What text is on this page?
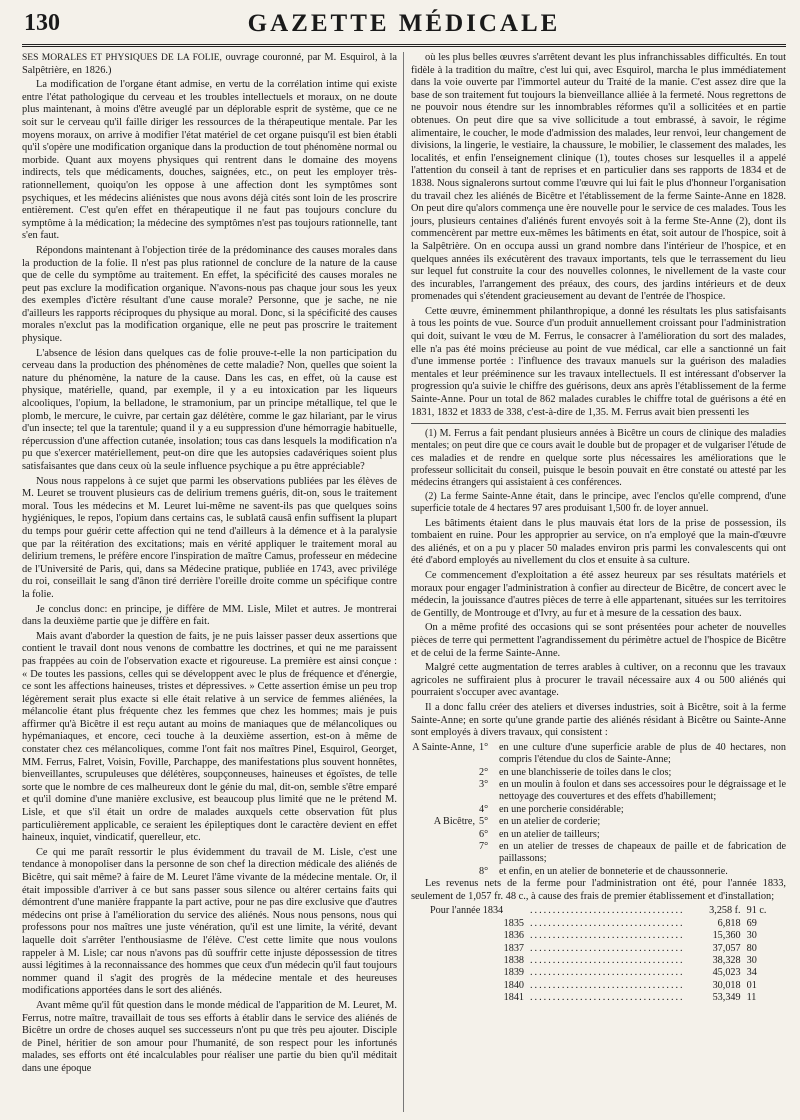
130	GAZETTE MÉDICALE

SES MORALES ET PHYSIQUES DE LA FOLIE, ouvrage couronné, par M. Esquirol, à la Salpêtrière, en 1826.)

La modification de l'organe étant admise, en vertu de la corrélation intime qui existe entre l'état pathologique du cerveau et les troubles intellectuels et moraux, on ne doute plus maintenant, à moins d'être aveuglé par un déplorable esprit de système, que ce ne soit sur le cerveau qu'il faille diriger les ressources de la thérapeutique mentale. Par les moyens moraux, on arrive à modifier l'état matériel de cet organe puisqu'il est bien établi qu'il s'opère une modification organique dans la production de tout phénomène normal ou morbide. Quant aux moyens physiques qui rentrent dans le domaine des moyens indirects, tels que médicaments, douches, saignées, etc., on peut les employer très-rationnellement, quoiqu'on les oppose à une affection dont les symptômes sont psychiques, et les médecins aliénistes que nous avons déjà cités sont loin de les proscrire entièrement. C'est qu'en effet en thérapeutique il ne faut pas toujours conclure du symptôme à la médication; la médecine des symptômes n'est pas toujours rationnelle, tant s'en faut.

Répondons maintenant à l'objection tirée de la prédominance des causes morales dans la production de la folie. Il n'est pas plus rationnel de conclure de la nature de la cause que de celle du symptôme au traitement. En effet, la spécificité des causes morales ne peut pas exclure la modification organique. N'avons-nous pas chaque jour sous les yeux des exemples d'ictère résultant d'une cause morale? Personne, que je sache, ne nie d'ailleurs les rapports réciproques du physique au moral. Donc, si la spécificité des causes morales n'exclut pas la modification organique, elle ne peut pas proscrire le traitement physique.

L'absence de lésion dans quelques cas de folie prouve-t-elle la non participation du cerveau dans la production des phénomènes de cette maladie? Non, quelles que soient la nature du phénomène, la nature de la cause. Dans les cas, en effet, où la cause est physique, matérielle, quand, par exemple, il y a eu intoxication par les liqueurs alcooliques, l'opium, la belladone, le stramonium, par un principe métallique, tel que le plomb, le mercure, le cuivre, par certain gaz délétère, comme le gaz hilariant, par le virus d'un insecte; tel que la tarentule; quand il y a eu suppression d'une hémorragie habituelle, répercussion d'une affection cutanée, insolation; tous cas dans lesquels la modification n'a pu que s'exercer matériellement, peut-on dire que les autopsies cadavériques soient plus satisfaisantes que dans ceux où la seule influence psychique a pu être appréciable?

Nous nous rappelons à ce sujet que parmi les observations publiées par les élèves de M. Leuret se trouvent plusieurs cas de delirium tremens guéris, dit-on, sous le traitement moral. Tous les médecins et M. Leuret lui-même ne savent-ils pas que quelques soins hygiéniques, le repos, l'opium dans certains cas, le sublatâ causâ enfin suffisent la plupart du temps pour guérir cette affection qui ne tend d'ailleurs à la démence et à la paralysie que par la réitération des excitations; mais en vérité appliquer le traitement moral au delirium tremens, le préfère encore l'inspiration de maître Camus, professeur en médecine de l'Université de Paris, qui, dans sa Médecine pratique, publiée en 1743, avec privilége du roi, conseillait le sang d'ânon tiré derrière l'oreille droite comme un spécifique contre la folie.

Je conclus donc: en principe, je diffère de MM. Lisle, Milet et autres. Je montrerai dans la deuxième partie que je diffère en fait.

Mais avant d'aborder la question de faits, je ne puis laisser passer deux assertions que contient le travail dont nous venons de combattre les doctrines, et qui ne me paraissent pas frappées au coin de l'observation exacte et rigoureuse. La première est ainsi conçue : « De toutes les passions, celles qui se développent avec le plus de fréquence et d'énergie, ce sont les affections haineuses, tristes et dépressives. » Cette assertion émise un peu trop légèrement serait plus exacte si elle était relative à un service de femmes aliénées, la mélancolie étant plus fréquente chez les femmes que chez les hommes; mais je puis affirmer qu'à Bicêtre il est reçu autant au moins de maniaques que de mélancoliques ou hypémaniaques, et encore, ceci touche à la deuxième assertion, est-on à même de constater chez ces mélancoliques, comme l'ont fait nos maîtres Pinel, Esquirol, Georget, MM. Ferrus, Falret, Voisin, Foville, Parchappe, des manifestations plus souvent honnêtes, bienveillantes, scrupuleuses que délétères, soupçonneuses, haineuses et égoïstes, de telle sorte que le nombre de ces malheureux dont le génie du mal, dit-on, semble s'être emparé et qu'il domine d'une manière exclusive, est beaucoup plus limité que ne le prétend M. Lisle, et que s'il était un ordre de malades auxquels cette observation fût plus particulièrement applicable, ce seraient les épileptiques dont le caractère devient en effet haineux, inquiet, vindicatif, querelleur, etc.

Ce qui me paraît ressortir le plus évidemment du travail de M. Lisle, c'est une tendance à monopoliser dans la personne de son chef la direction médicale des aliénés de Bicêtre, qui sait même? à faire de M. Leuret l'âme vivante de la médecine mentale. Or, il était impossible d'arriver à ce but sans passer sous silence ou altérer certains faits qui démontrent d'une manière frappante la part active, pour ne pas dire exclusive que d'autres médecins ont prise à l'amélioration du service des aliénés. Nous nous pensons, nous qui professons pour nos maîtres une juste vénération, qu'il est une limite, la vérité, devant laquelle doit s'arrêter l'enthousiasme de l'élève. C'est cette limite que nous voulons rappeler à M. Lisle; car nous n'avons pas dû souffrir cette injuste dépossession de titres aussi légitimes à la reconnaissance des hommes que ceux d'un médecin qu'il faut toujours nommer quand il s'agit des progrès de la médecine mentale et des heureuses modifications apportées dans le sort des aliénés.

Avant même qu'il fût question dans le monde médical de l'apparition de M. Leuret, M. Ferrus, notre maître, travaillait de tous ses efforts à établir dans le service des aliénés de Bicêtre un ordre de choses auquel ses successeurs n'ont pu que très peu ajouter. Disciple de Pinel, héritier de son amour pour l'humanité, de son respect pour les infortunés malades, ses efforts ont été incalculables pour réaliser une partie du bien qu'il méditait dans une époque

où les plus belles œuvres s'arrêtent devant les plus infranchissables difficultés. En tout fidèle à la tradition du maître, c'est lui qui, avec Esquirol, marcha le plus immédiatement dans la voie ouverte par l'immortel auteur du Traité de la manie. C'est assez dire que la base de son traitement fut toujours la bienveillance alliée à la fermeté. Nous regrettons de ne pouvoir nous étendre sur les innombrables réformes qu'il a sollicitées et en partie obtenues. On peut dire que sa vive sollicitude a tout embrassé, à savoir, le régime alimentaire, le coucher, le mode d'admission des malades, leur renvoi, leur changement de divisions, la lingerie, le vestiaire, la chaussure, le mobilier, le classement des malades, les localités, et enfin l'enseignement clinique (1), toutes choses sur lesquelles il a appelé l'attention du conseil à tant de reprises et en particulier dans ses rapports de 1834 et de 1838. Nous signalerons surtout comme l'œuvre qui lui fait le plus d'honneur l'organisation du travail chez les aliénés de Bicêtre et l'établissement de la ferme Sainte-Anne en 1828. On peut dire qu'alors commença une ère nouvelle pour le service de ces malades. Tous les jours, plusieurs centaines d'aliénés furent envoyés soit à la ferme Ste-Anne (2), dont ils commencèrent par mettre eux-mêmes les bâtiments en état, soit autour de l'hospice, soit à la Salpêtrière. On en occupa aussi un grand nombre dans l'intérieur de l'hospice, et en quelques années ils exécutèrent des travaux importants, tels que le terrassement du lieu sur lequel fut construite la cour des nouvelles colonnes, le nivellement de la vaste cour des incurables, l'arrangement des préaux, des cours, des jardins intérieurs et de deux promenades qui s'étendent gracieusement au devant de l'entrée de l'hospice.

Cette œuvre, éminemment philanthropique, a donné les résultats les plus satisfaisants à tous les points de vue. Source d'un produit annuellement croissant pour l'administration qui doit, suivant le vœu de M. Ferrus, le consacrer à l'amélioration du sort des malades, elle n'a pas été moins précieuse au point de vue médical, car elle a sanctionné un fait d'une immense portée : l'influence des travaux manuels sur la guérison des maladies mentales et leur prééminence sur les travaux intellectuels. Il est intéressant d'observer la progression qu'a suivie le chiffre des guérisons, deux ans après l'établissement de la ferme Sainte-Anne. Pour un total de 862 malades curables le chiffre total de guérisons a été en 1831, 1832 et 1833 de 338, c'est-à-dire de 1,35. M. Ferrus avait bien pressenti les

(1) M. Ferrus a fait pendant plusieurs années à Bicêtre un cours de clinique des maladies mentales; on peut dire que ce cours avait le double but de propager et de vulgariser l'étude de ces maladies et de rendre en quelque sorte plus nécessaires les améliorations que le professeur sollicitait du conseil, puisque le besoin pouvait en être constaté ou attesté par les médecins étrangers qui assistaient à ces conférences.

(2) La ferme Sainte-Anne était, dans le principe, avec l'enclos qu'elle comprend, d'une superficie totale de 4 hectares 97 ares produisant 1,500 fr. de loyer annuel.

Les bâtiments étaient dans le plus mauvais état lors de la prise de possession, ils tombaient en ruine. Pour les approprier au service, on n'a employé que la main-d'œuvre des aliénés, et on a pu y placer 50 malades environ pris parmi les convalescents qui ont été d'abord employés au nivellement du clos et ensuite à sa culture.

Ce commencement d'exploitation a été assez heureux par ses résultats matériels et moraux pour engager l'administration à confier au directeur de Bicêtre, de concert avec le médecin, la jouissance d'autres pièces de terre à elle appartenant, situées sur les territoires de Gentilly, de Montrouge et d'Ivry, au fur et à mesure de la cessation des baux.

On a même profité des occasions qui se sont présentées pour acheter de nouvelles pièces de terre qui permettent l'agrandissement du périmètre actuel de l'hospice de Bicêtre et de celui de la ferme Sainte-Anne.

Malgré cette augmentation de terres arables à cultiver, on a reconnu que les travaux agricoles ne suffiraient plus à procurer le travail nécessaire aux 4 ou 500 aliénés qui pourraient s'occuper avec avantage.

Il a donc fallu créer des ateliers et diverses industries, soit à Bicêtre, soit à la ferme Sainte-Anne; en sorte qu'une grande partie des aliénés résidant à Bicêtre ou Sainte-Anne sont employés à divers travaux, qui consistent :

A Sainte-Anne, 1°	en une culture d'une superficie arable de plus de 40 hectares, non compris l'étendue du clos de Sainte-Anne;
2°	en une blanchisserie de toiles dans le clos;
3°	en un moulin à foulon et dans ses accessoires pour le dégraissage et le nettoyage des couvertures et des effets d'habillement;
4°	en une porcherie considérable;
A Bicêtre, 5°	en un atelier de corderie;
6°	en un atelier de tailleurs;
7°	en un atelier de tresses de chapeaux de paille et de fabrication de paillassons;
8°	et enfin, en un atelier de bonneterie et de chaussonnerie.

Les revenus nets de la ferme pour l'administration ont été, pour l'année 1833, seulement de 1,057 fr. 48 c., à cause des frais de premier établissement et d'installation;

Pour l'année 1834	..................................	3,258 f.	91 c.
1835	..................................	6,818	69
1836	..................................	15,360	30
1837	..................................	37,057	80
1838	..................................	38,328	30
1839	..................................	45,023	34
1840	..................................	30,018	01
1841	..................................	53,349	11
